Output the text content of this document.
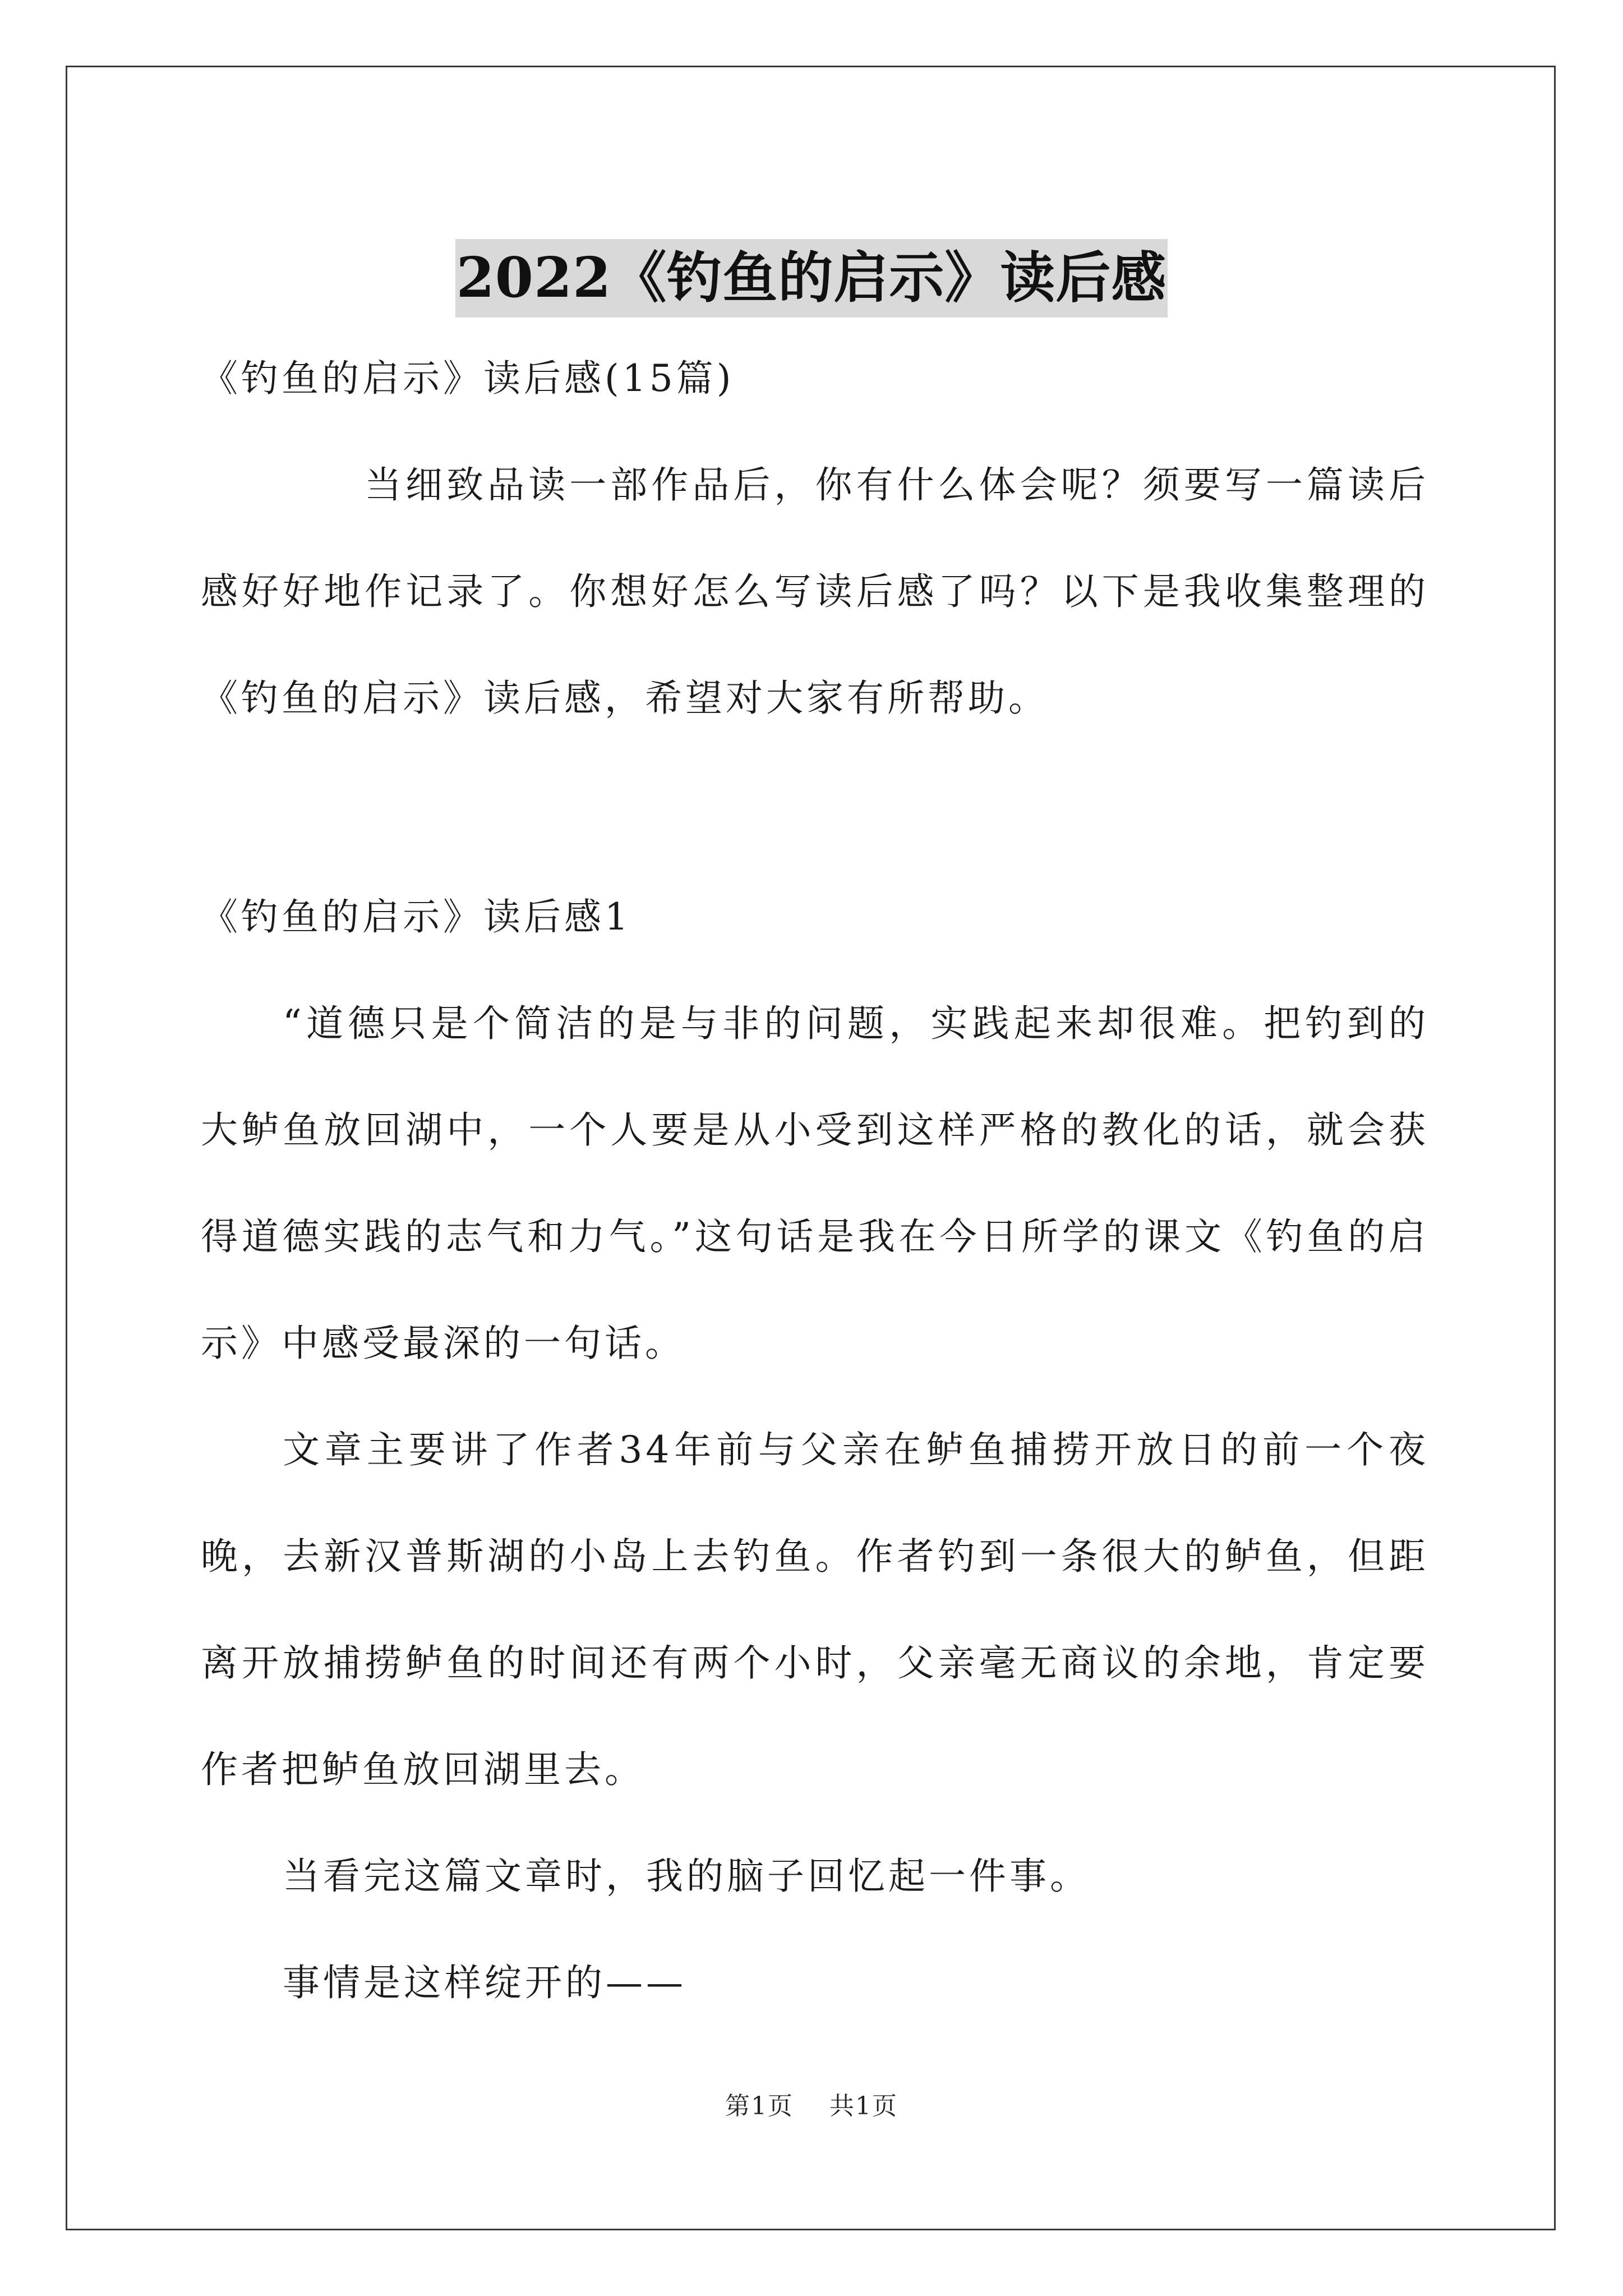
2022《钓鱼的启示》读后感

《钓鱼的启示》读后感(15篇)

当细致品读一部作品后，你有什么体会呢？须要写一篇读后感好好地作记录了。你想好怎么写读后感了吗？以下是我收集整理的《钓鱼的启示》读后感，希望对大家有所帮助。

《钓鱼的启示》读后感1

“道德只是个简洁的是与非的问题，实践起来却很难。把钓到的大鲈鱼放回湖中，一个人要是从小受到这样严格的教化的话，就会获得道德实践的志气和力气。”这句话是我在今日所学的课文《钓鱼的启示》中感受最深的一句话。

文章主要讲了作者34年前与父亲在鲈鱼捕捞开放日的前一个夜晚，去新汉普斯湖的小岛上去钓鱼。作者钓到一条很大的鲈鱼，但距离开放捕捞鲈鱼的时间还有两个小时，父亲毫无商议的余地，肯定要作者把鲈鱼放回湖里去。

当看完这篇文章时，我的脑子回忆起一件事。

事情是这样绽开的——

第1页 共1页
